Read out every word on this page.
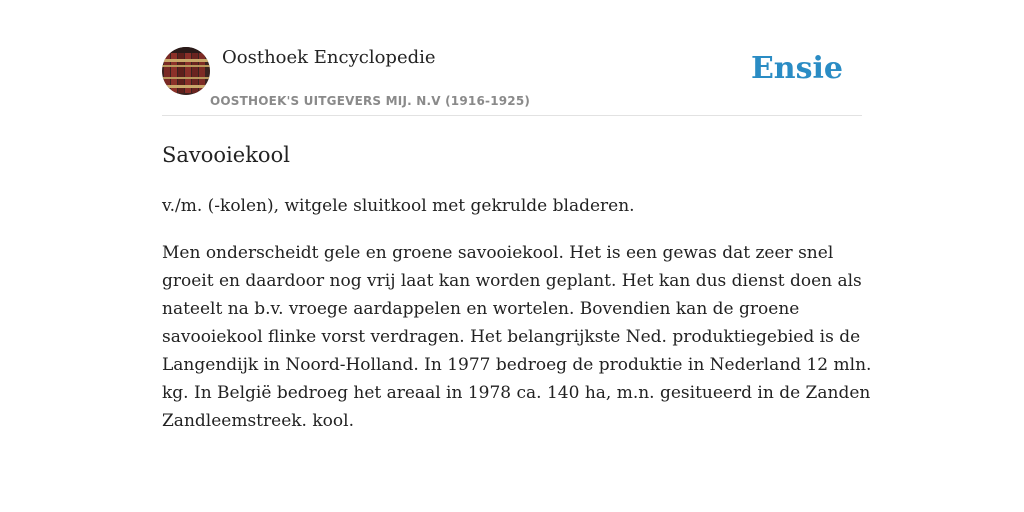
Oosthoek Encyclopedie
OOSTHOEK'S UITGEVERS MIJ. N.V (1916-1925)
Ensie
Savooiekool

v./m. (-kolen), witgele sluitkool met gekrulde bladeren.

Men onderscheidt gele en groene savooiekool. Het is een gewas dat zeer snel
groeit en daardoor nog vrij laat kan worden geplant. Het kan dus dienst doen als
nateelt na b.v. vroege aardappelen en wortelen. Bovendien kan de groene
savooiekool flinke vorst verdragen. Het belangrijkste Ned. produktiegebied is de
Langendijk in Noord-Holland. In 1977 bedroeg de produktie in Nederland 12 mln.
kg. In België bedroeg het areaal in 1978 ca. 140 ha, m.n. gesitueerd in de Zanden
Zandleemstreek. kool.
